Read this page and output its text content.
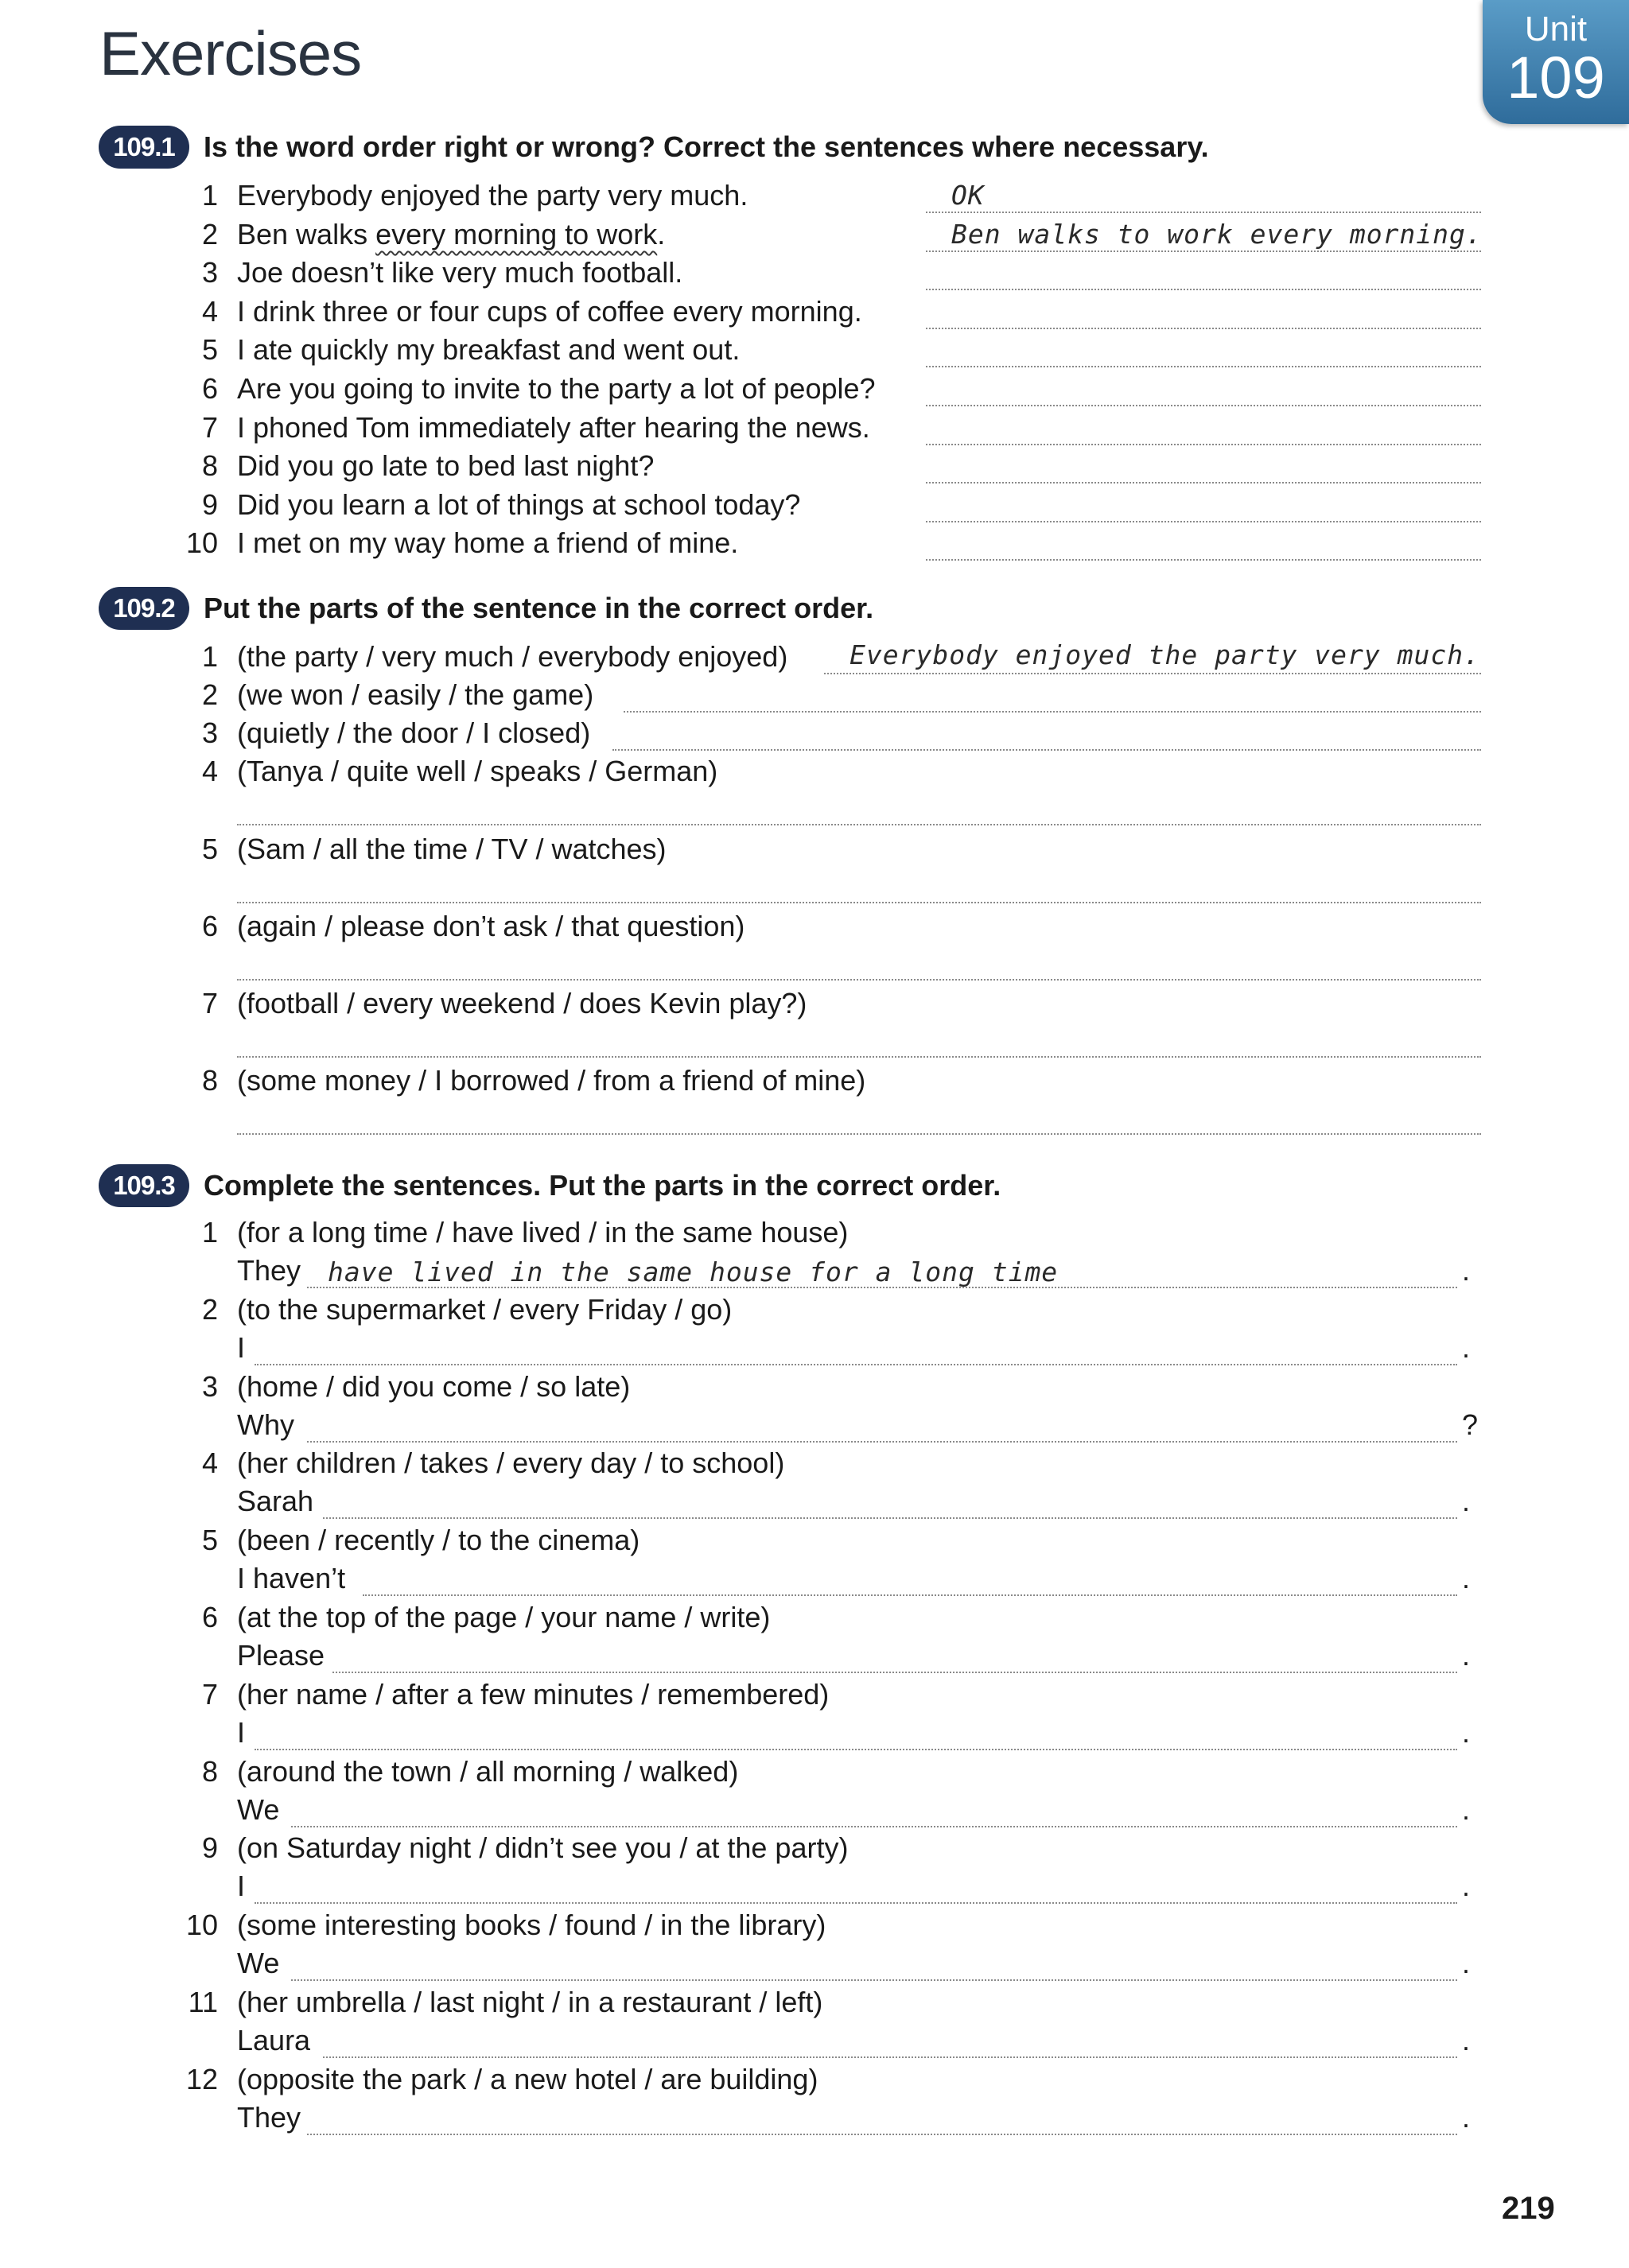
Exercises	Unit
109
109.1	Is the word order right or wrong? Correct the sentences where necessary.
1 Everybody enjoyed the party very much.	OK
2 Ben walks every morning to work.	Ben walks to work every morning.
3 Joe doesn’t like very much football.
4 I drink three or four cups of coffee every morning.
5 I ate quickly my breakfast and went out.
6 Are you going to invite to the party a lot of people?
7 I phoned Tom immediately after hearing the news.
8 Did you go late to bed last night?
9 Did you learn a lot of things at school today?
10 I met on my way home a friend of mine.
109.2	Put the parts of the sentence in the correct order.
1 (the party / very much / everybody enjoyed) Everybody enjoyed the party very much.
2 (we won / easily / the game)
3 (quietly / the door / I closed)
4 (Tanya / quite well / speaks / German)
5 (Sam / all the time / TV / watches)
6 (again / please don’t ask / that question)
7 (football / every weekend / does Kevin play?)
8 (some money / I borrowed / from a friend of mine)
109.3	Complete the sentences. Put the parts in the correct order.
1 (for a long time / have lived / in the same house)
They have lived in the same house for a long time	.
2 (to the supermarket / every Friday / go)
I	.
3 (home / did you come / so late)
Why	?
4 (her children / takes / every day / to school)
Sarah	.
5 (been / recently / to the cinema)
I haven’t	.
6 (at the top of the page / your name / write)
Please	.
7 (her name / after a few minutes / remembered)
I	.
8 (around the town / all morning / walked)
We	.
9 (on Saturday night / didn’t see you / at the party)
I	.
10 (some interesting books / found / in the library)
We	.
11 (her umbrella / last night / in a restaurant / left)
Laura	.
12 (opposite the park / a new hotel / are building)
They	.
219
